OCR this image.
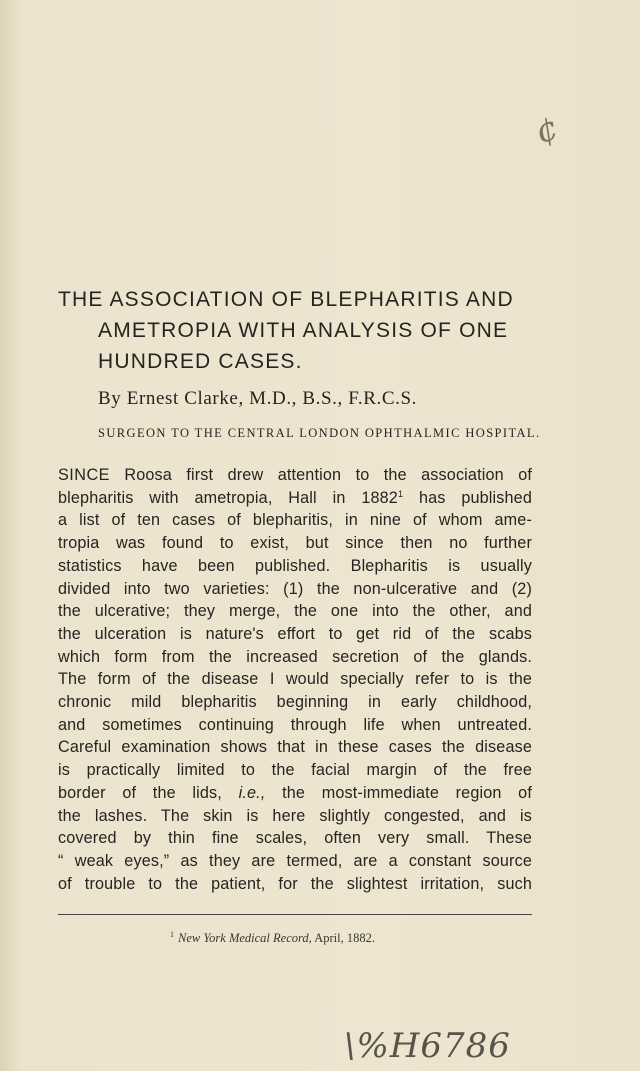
¢
THE ASSOCIATION OF BLEPHARITIS AND
AMETROPIA WITH ANALYSIS OF ONE
HUNDRED CASES.
By Ernest Clarke, M.D., B.S., F.R.C.S.
SURGEON TO THE CENTRAL LONDON OPHTHALMIC HOSPITAL.
SINCE Roosa first drew attention to the association of
blepharitis with ametropia, Hall in 1882$^1$ has published
a list of ten cases of blepharitis, in nine of whom ame-
tropia was found to exist, but since then no further
statistics have been published. Blepharitis is usually
divided into two varieties: (1) the non-ulcerative and (2)
the ulcerative; they merge, the one into the other, and
the ulceration is nature's effort to get rid of the scabs
which form from the increased secretion of the glands.
The form of the disease I would specially refer to is the
chronic mild blepharitis beginning in early childhood,
and sometimes continuing through life when untreated.
Careful examination shows that in these cases the disease
is practically limited to the facial margin of the free
border of the lids, i.e., the most-immediate region of
the lashes. The skin is here slightly congested, and is
covered by thin fine scales, often very small. These
“ weak eyes,” as they are termed, are a constant source
of trouble to the patient, for the slightest irritation, such
$^1$ New York Medical Record, April, 1882.
\%H6786
